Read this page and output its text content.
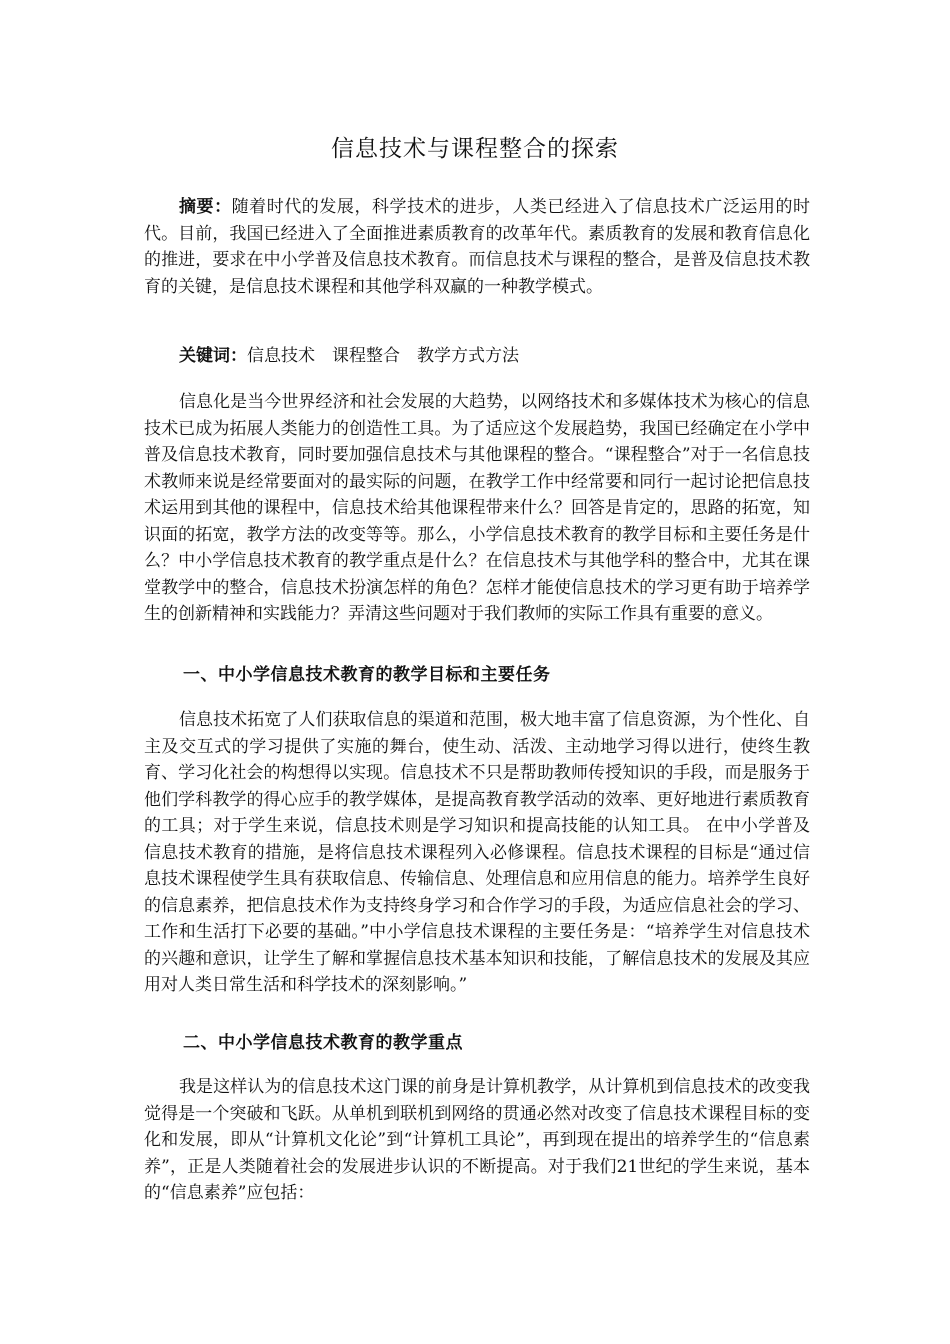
信息技术与课程整合的探索

摘要：随着时代的发展，科学技术的进步，人类已经进入了信息技术广泛运用的时代。目前，我国已经进入了全面推进素质教育的改革年代。素质教育的发展和教育信息化的推进，要求在中小学普及信息技术教育。而信息技术与课程的整合，是普及信息技术教育的关键，是信息技术课程和其他学科双赢的一种教学模式。

关键词：信息技术 课程整合 教学方式方法

信息化是当今世界经济和社会发展的大趋势，以网络技术和多媒体技术为核心的信息技术已成为拓展人类能力的创造性工具。为了适应这个发展趋势，我国已经确定在小学中普及信息技术教育，同时要加强信息技术与其他课程的整合。“课程整合”对于一名信息技术教师来说是经常要面对的最实际的问题，在教学工作中经常要和同行一起讨论把信息技术运用到其他的课程中，信息技术给其他课程带来什么？回答是肯定的，思路的拓宽，知识面的拓宽，教学方法的改变等等。那么，小学信息技术教育的教学目标和主要任务是什么？中小学信息技术教育的教学重点是什么？在信息技术与其他学科的整合中，尤其在课堂教学中的整合，信息技术扮演怎样的角色？怎样才能使信息技术的学习更有助于培养学生的创新精神和实践能力？弄清这些问题对于我们教师的实际工作具有重要的意义。

一、中小学信息技术教育的教学目标和主要任务

信息技术拓宽了人们获取信息的渠道和范围，极大地丰富了信息资源，为个性化、自主及交互式的学习提供了实施的舞台，使生动、活泼、主动地学习得以进行，使终生教育、学习化社会的构想得以实现。信息技术不只是帮助教师传授知识的手段，而是服务于他们学科教学的得心应手的教学媒体，是提高教育教学活动的效率、更好地进行素质教育的工具；对于学生来说，信息技术则是学习知识和提高技能的认知工具。 在中小学普及信息技术教育的措施，是将信息技术课程列入必修课程。信息技术课程的目标是“通过信息技术课程使学生具有获取信息、传输信息、处理信息和应用信息的能力。培养学生良好的信息素养，把信息技术作为支持终身学习和合作学习的手段，为适应信息社会的学习、工作和生活打下必要的基础。”中小学信息技术课程的主要任务是：“培养学生对信息技术的兴趣和意识，让学生了解和掌握信息技术基本知识和技能，了解信息技术的发展及其应用对人类日常生活和科学技术的深刻影响。”

二、中小学信息技术教育的教学重点

我是这样认为的信息技术这门课的前身是计算机教学，从计算机到信息技术的改变我觉得是一个突破和飞跃。从单机到联机到网络的贯通必然对改变了信息技术课程目标的变化和发展，即从“计算机文化论”到“计算机工具论”，再到现在提出的培养学生的“信息素养”，正是人类随着社会的发展进步认识的不断提高。对于我们21世纪的学生来说，基本的“信息素养”应包括：
